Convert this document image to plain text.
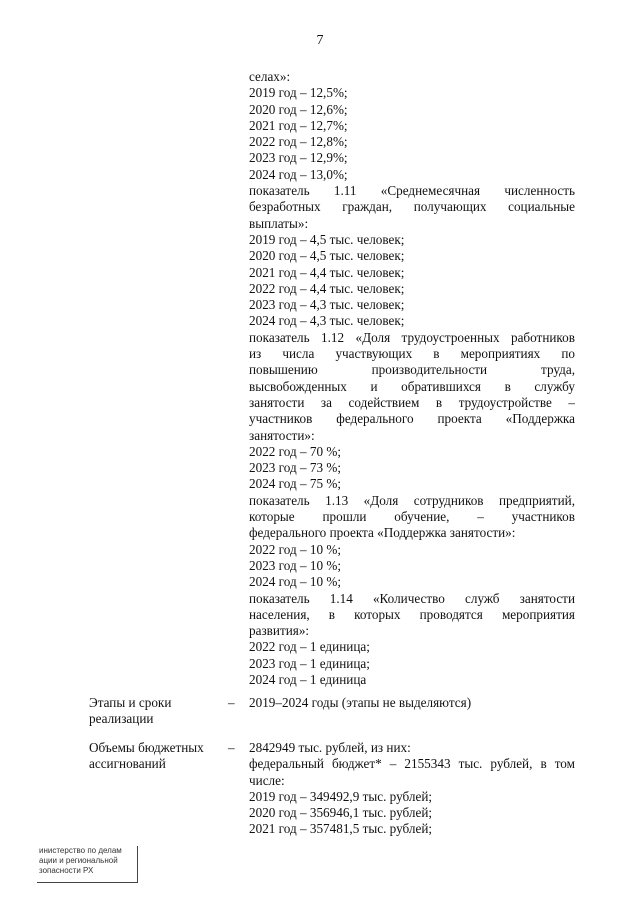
7
селах»:
2019 год – 12,5%;
2020 год – 12,6%;
2021 год – 12,7%;
2022 год – 12,8%;
2023 год – 12,9%;
2024 год – 13,0%;
показатель 1.11 «Среднемесячная численность
безработных граждан, получающих социальные
выплаты»:
2019 год – 4,5 тыс. человек;
2020 год – 4,5 тыс. человек;
2021 год – 4,4 тыс. человек;
2022 год – 4,4 тыс. человек;
2023 год – 4,3 тыс. человек;
2024 год – 4,3 тыс. человек;
показатель 1.12 «Доля трудоустроенных работников
из числа участвующих в мероприятиях по
повышению производительности труда,
высвобожденных и обратившихся в службу
занятости за содействием в трудоустройстве –
участников федерального проекта «Поддержка
занятости»:
2022 год – 70 %;
2023 год – 73 %;
2024 год – 75 %;
показатель 1.13 «Доля сотрудников предприятий,
которые прошли обучение, – участников
федерального проекта «Поддержка занятости»:
2022 год – 10 %;
2023 год – 10 %;
2024 год – 10 %;
показатель 1.14 «Количество служб занятости
населения, в которых проводятся мероприятия
развития»:
2022 год – 1 единица;
2023 год – 1 единица;
2024 год – 1 единица
Этапы и сроки
реализации
– 2019–2024 годы (этапы не выделяются)
Объемы бюджетных
ассигнований
– 2842949 тыс. рублей, из них:
федеральный бюджет* – 2155343 тыс. рублей, в том
числе:
2019 год – 349492,9 тыс. рублей;
2020 год – 356946,1 тыс. рублей;
2021 год – 357481,5 тыс. рублей;
инистерство по делам
ации и региональной
зопасности РХ
